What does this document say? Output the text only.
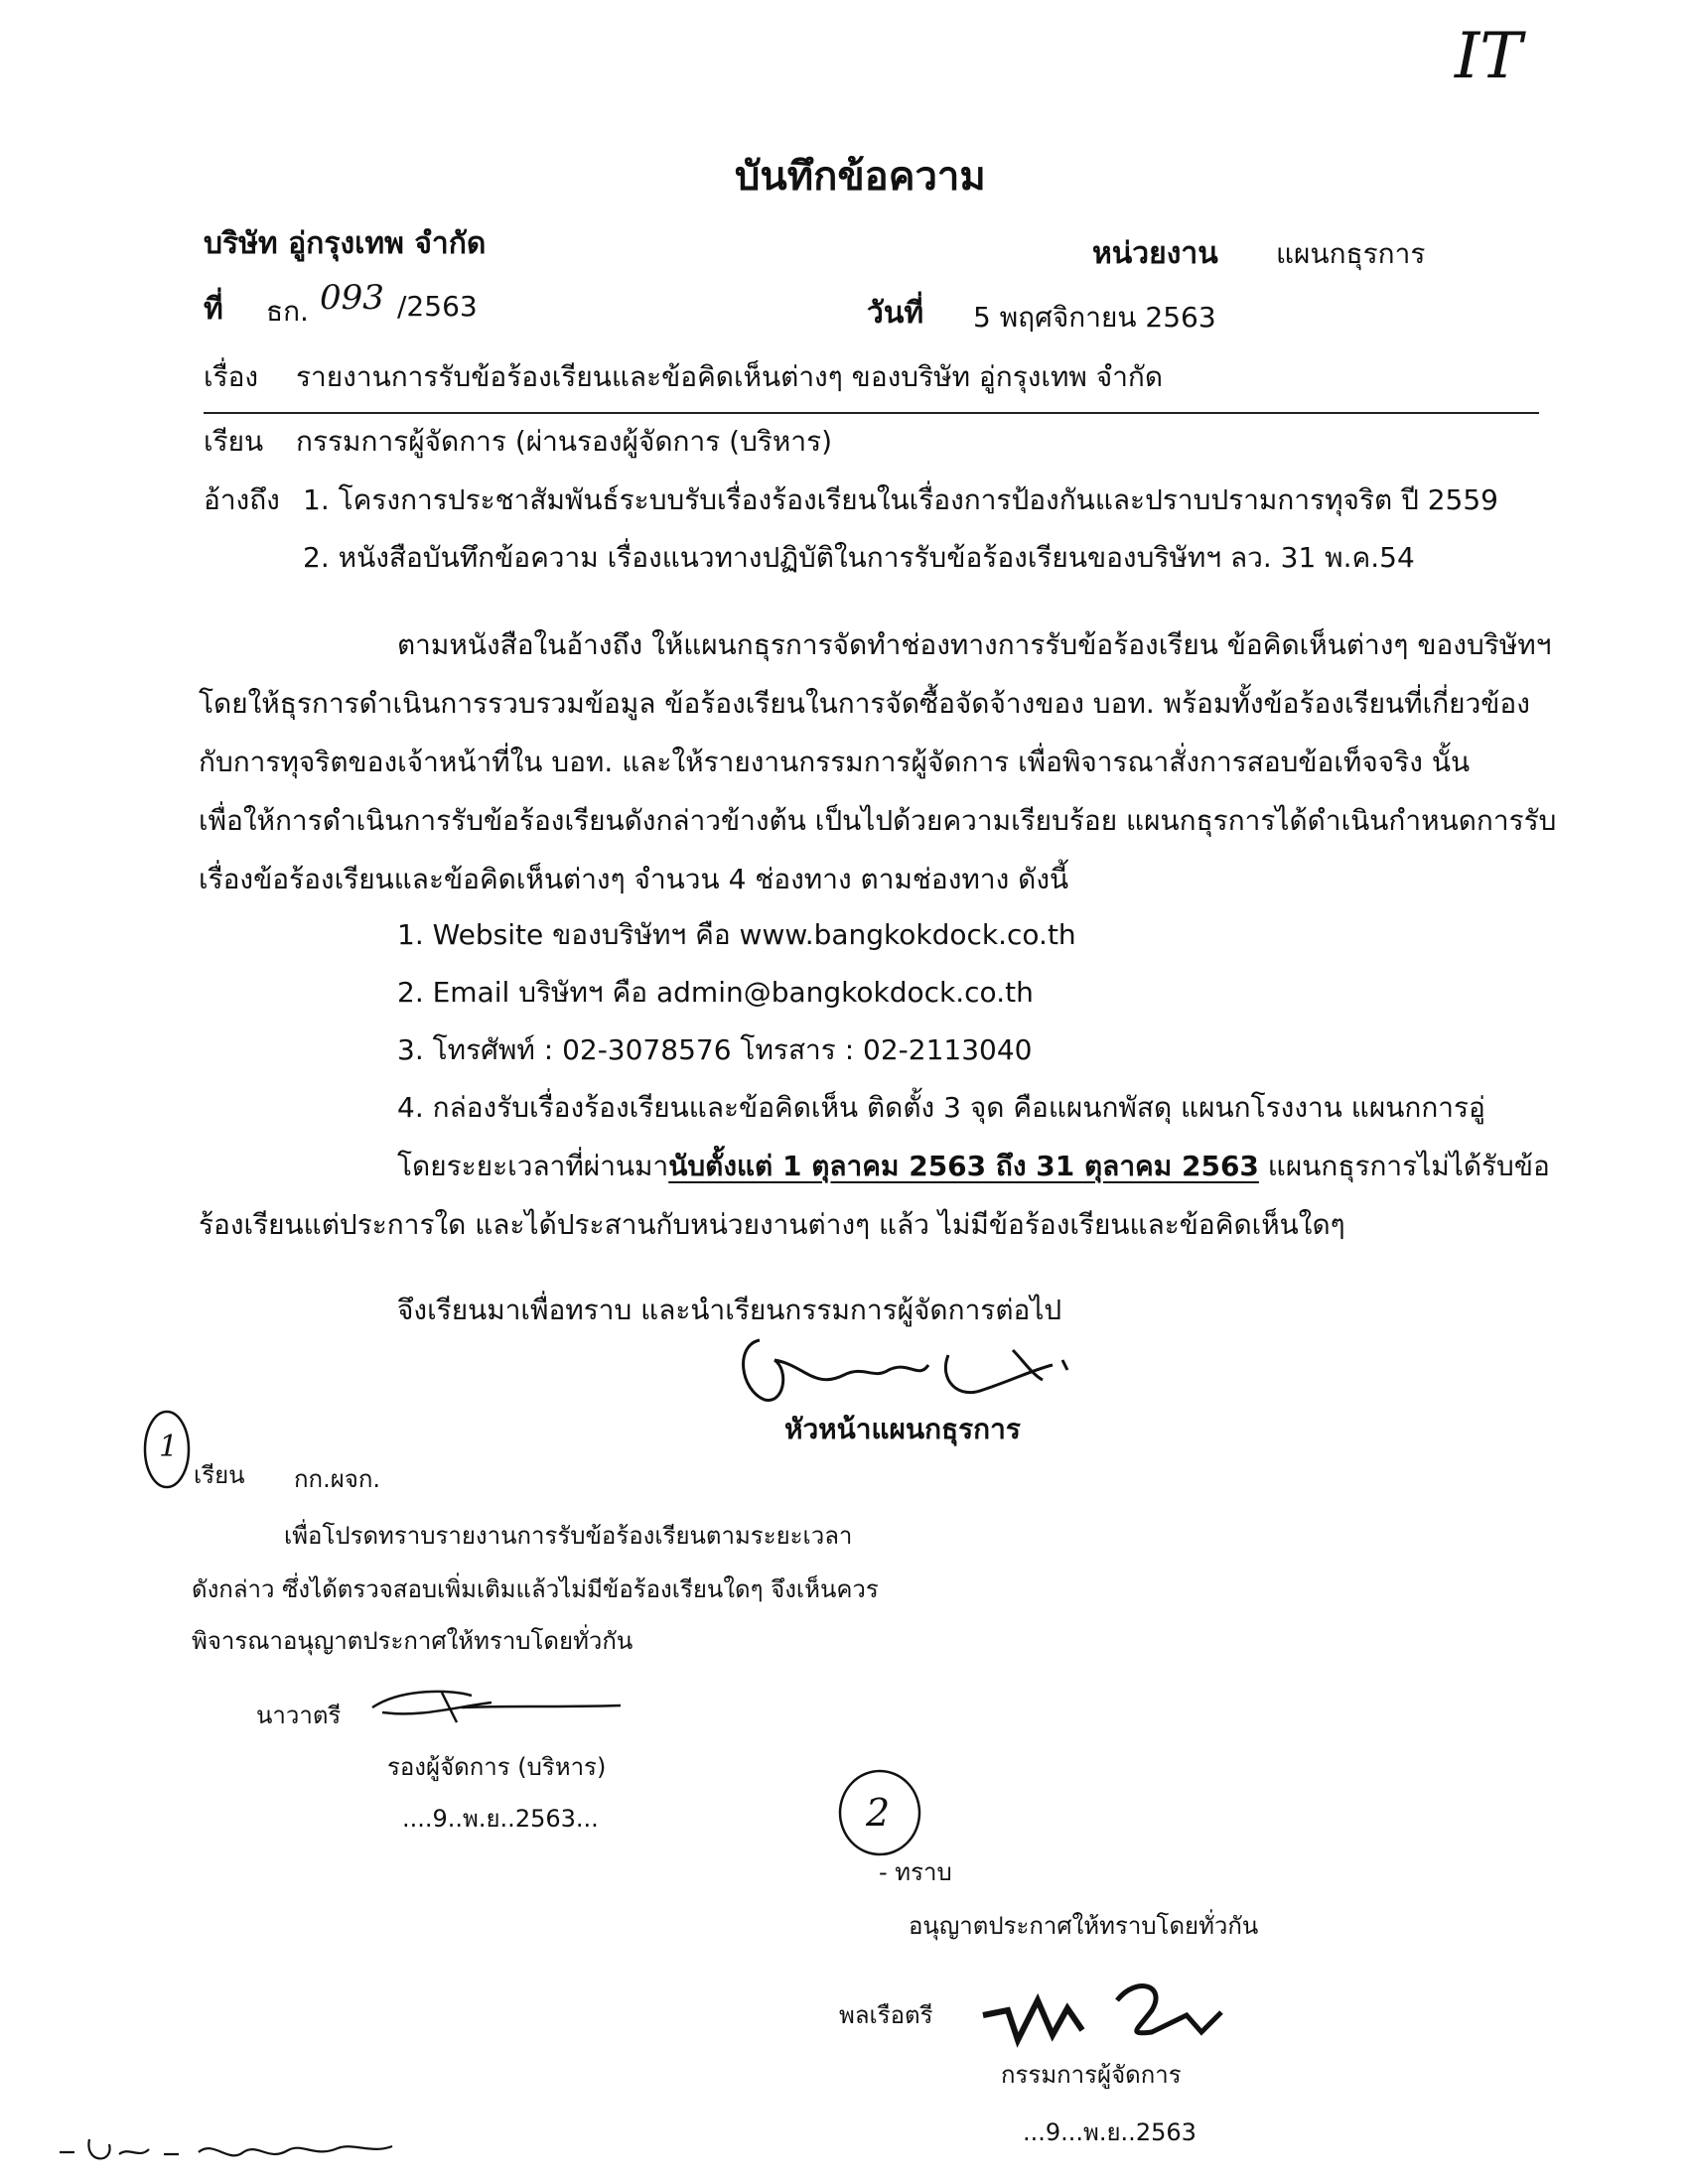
IT
บันทึกข้อความ
บริษัท อู่กรุงเทพ จำกัด	หน่วยงาน แผนกธุรการ
ที่ ธก. 093 /2563	วันที่ 5 พฤศจิกายน 2563
เรื่อง รายงานการรับข้อร้องเรียนและข้อคิดเห็นต่างๆ ของบริษัท อู่กรุงเทพ จำกัด
เรียน กรรมการผู้จัดการ (ผ่านรองผู้จัดการ (บริหาร)
อ้างถึง 1. โครงการประชาสัมพันธ์ระบบรับเรื่องร้องเรียนในเรื่องการป้องกันและปราบปรามการทุจริต ปี 2559
2. หนังสือบันทึกข้อความ เรื่องแนวทางปฏิบัติในการรับข้อร้องเรียนของบริษัทฯ ลว. 31 พ.ค.54
ตามหนังสือในอ้างถึง ให้แผนกธุรการจัดทำช่องทางการรับข้อร้องเรียน ข้อคิดเห็นต่างๆ ของบริษัทฯ
โดยให้ธุรการดำเนินการรวบรวมข้อมูล ข้อร้องเรียนในการจัดซื้อจัดจ้างของ บอท. พร้อมทั้งข้อร้องเรียนที่เกี่ยวข้อง
กับการทุจริตของเจ้าหน้าที่ใน บอท. และให้รายงานกรรมการผู้จัดการ เพื่อพิจารณาสั่งการสอบข้อเท็จจริง นั้น
เพื่อให้การดำเนินการรับข้อร้องเรียนดังกล่าวข้างต้น เป็นไปด้วยความเรียบร้อย แผนกธุรการได้ดำเนินกำหนดการรับ
เรื่องข้อร้องเรียนและข้อคิดเห็นต่างๆ จำนวน 4 ช่องทาง ตามช่องทาง ดังนี้
1. Website ของบริษัทฯ คือ www.bangkokdock.co.th
2. Email บริษัทฯ คือ admin@bangkokdock.co.th
3. โทรศัพท์ : 02-3078576 โทรสาร : 02-2113040
4. กล่องรับเรื่องร้องเรียนและข้อคิดเห็น ติดตั้ง 3 จุด คือแผนกพัสดุ แผนกโรงงาน แผนกการอู่
โดยระยะเวลาที่ผ่านมานับตั้งแต่ 1 ตุลาคม 2563 ถึง 31 ตุลาคม 2563 แผนกธุรการไม่ได้รับข้อ
ร้องเรียนแต่ประการใด และได้ประสานกับหน่วยงานต่างๆ แล้ว ไม่มีข้อร้องเรียนและข้อคิดเห็นใดๆ
จึงเรียนมาเพื่อทราบ และนำเรียนกรรมการผู้จัดการต่อไป
หัวหน้าแผนกธุรการ
1
เรียน กก.ผจก.
เพื่อโปรดทราบรายงานการรับข้อร้องเรียนตามระยะเวลา
ดังกล่าว ซึ่งได้ตรวจสอบเพิ่มเติมแล้วไม่มีข้อร้องเรียนใดๆ จึงเห็นควร
พิจารณาอนุญาตประกาศให้ทราบโดยทั่วกัน
นาวาตรี
รองผู้จัดการ (บริหาร)
....9..พ.ย..2563...	2
- ทราบ
อนุญาตประกาศให้ทราบโดยทั่วกัน
พลเรือตรี
กรรมการผู้จัดการ
...9...พ.ย..2563
